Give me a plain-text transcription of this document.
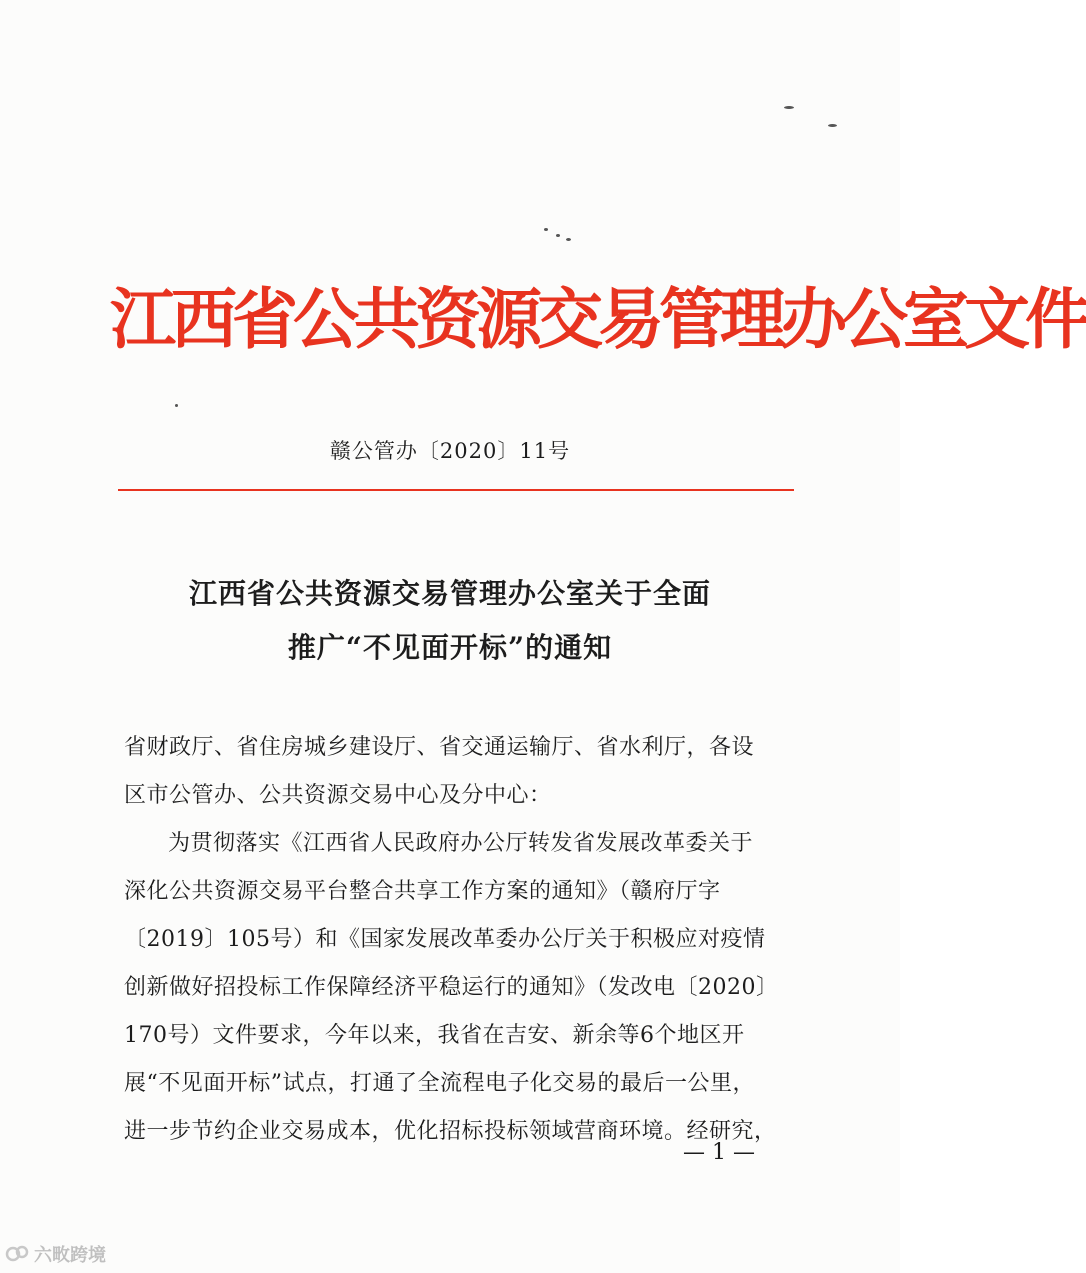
江西省公共资源交易管理办公室文件
赣公管办〔2020〕11号
江西省公共资源交易管理办公室关于全面
推广“不见面开标”的通知
省财政厅、省住房城乡建设厅、省交通运输厅、省水利厅，各设
区市公管办、公共资源交易中心及分中心：
为贯彻落实《江西省人民政府办公厅转发省发展改革委关于
深化公共资源交易平台整合共享工作方案的通知》（赣府厅字
〔2019〕105号）和《国家发展改革委办公厅关于积极应对疫情
创新做好招投标工作保障经济平稳运行的通知》（发改电〔2020〕
170号）文件要求，今年以来，我省在吉安、新余等6个地区开
展“不见面开标”试点，打通了全流程电子化交易的最后一公里，
进一步节约企业交易成本，优化招标投标领域营商环境。经研究，
— 1 —
六畋跨境
